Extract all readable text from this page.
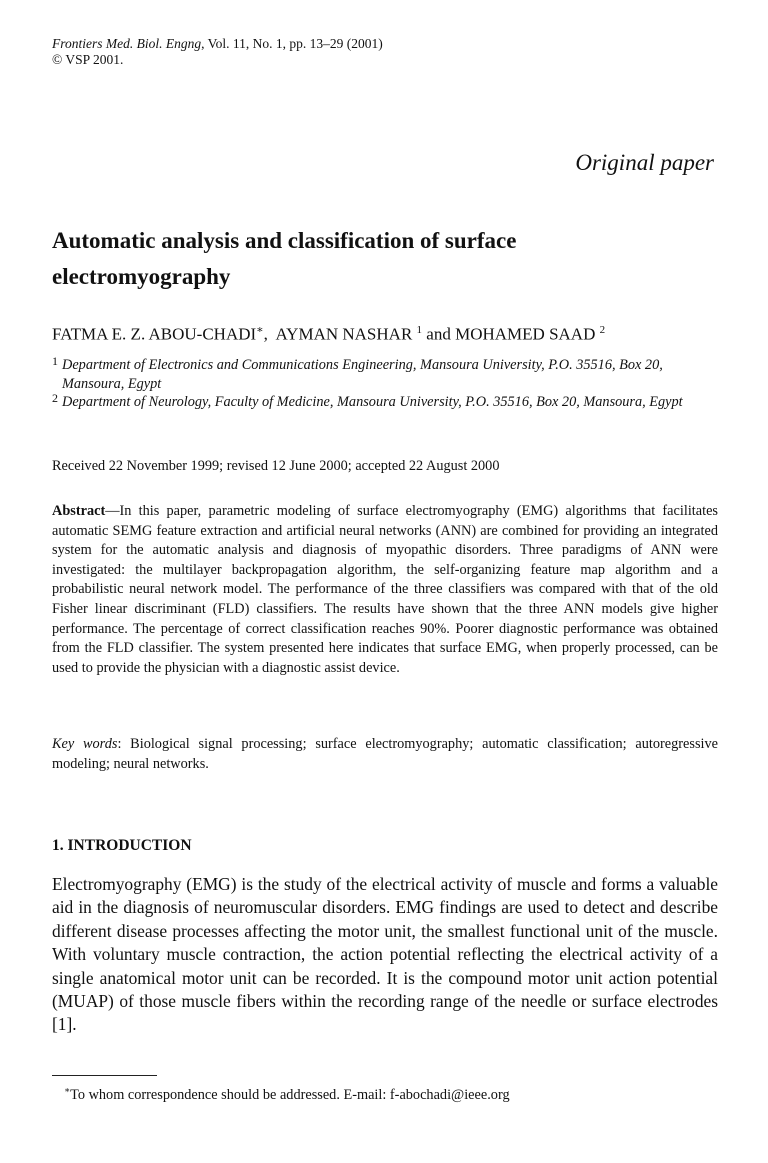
Frontiers Med. Biol. Engng, Vol. 11, No. 1, pp. 13–29 (2001)
© VSP 2001.
Original paper
Automatic analysis and classification of surface electromyography
FATMA E. Z. ABOU-CHADI∗, AYMAN NASHAR $^1$ and MOHAMED SAAD $^2$
1 Department of Electronics and Communications Engineering, Mansoura University, P.O. 35516, Box 20, Mansoura, Egypt
2 Department of Neurology, Faculty of Medicine, Mansoura University, P.O. 35516, Box 20, Mansoura, Egypt
Received 22 November 1999; revised 12 June 2000; accepted 22 August 2000
Abstract—In this paper, parametric modeling of surface electromyography (EMG) algorithms that facilitates automatic SEMG feature extraction and artificial neural networks (ANN) are combined for providing an integrated system for the automatic analysis and diagnosis of myopathic disorders. Three paradigms of ANN were investigated: the multilayer backpropagation algorithm, the self-organizing feature map algorithm and a probabilistic neural network model. The performance of the three classifiers was compared with that of the old Fisher linear discriminant (FLD) classifiers. The results have shown that the three ANN models give higher performance. The percentage of correct classification reaches 90%. Poorer diagnostic performance was obtained from the FLD classifier. The system presented here indicates that surface EMG, when properly processed, can be used to provide the physician with a diagnostic assist device.
Key words: Biological signal processing; surface electromyography; automatic classification; autoregressive modeling; neural networks.
1. INTRODUCTION
Electromyography (EMG) is the study of the electrical activity of muscle and forms a valuable aid in the diagnosis of neuromuscular disorders. EMG findings are used to detect and describe different disease processes affecting the motor unit, the smallest functional unit of the muscle. With voluntary muscle contraction, the action potential reflecting the electrical activity of a single anatomical motor unit can be recorded. It is the compound motor unit action potential (MUAP) of those muscle fibers within the recording range of the needle or surface electrodes [1].
∗To whom correspondence should be addressed. E-mail: f-abochadi@ieee.org
